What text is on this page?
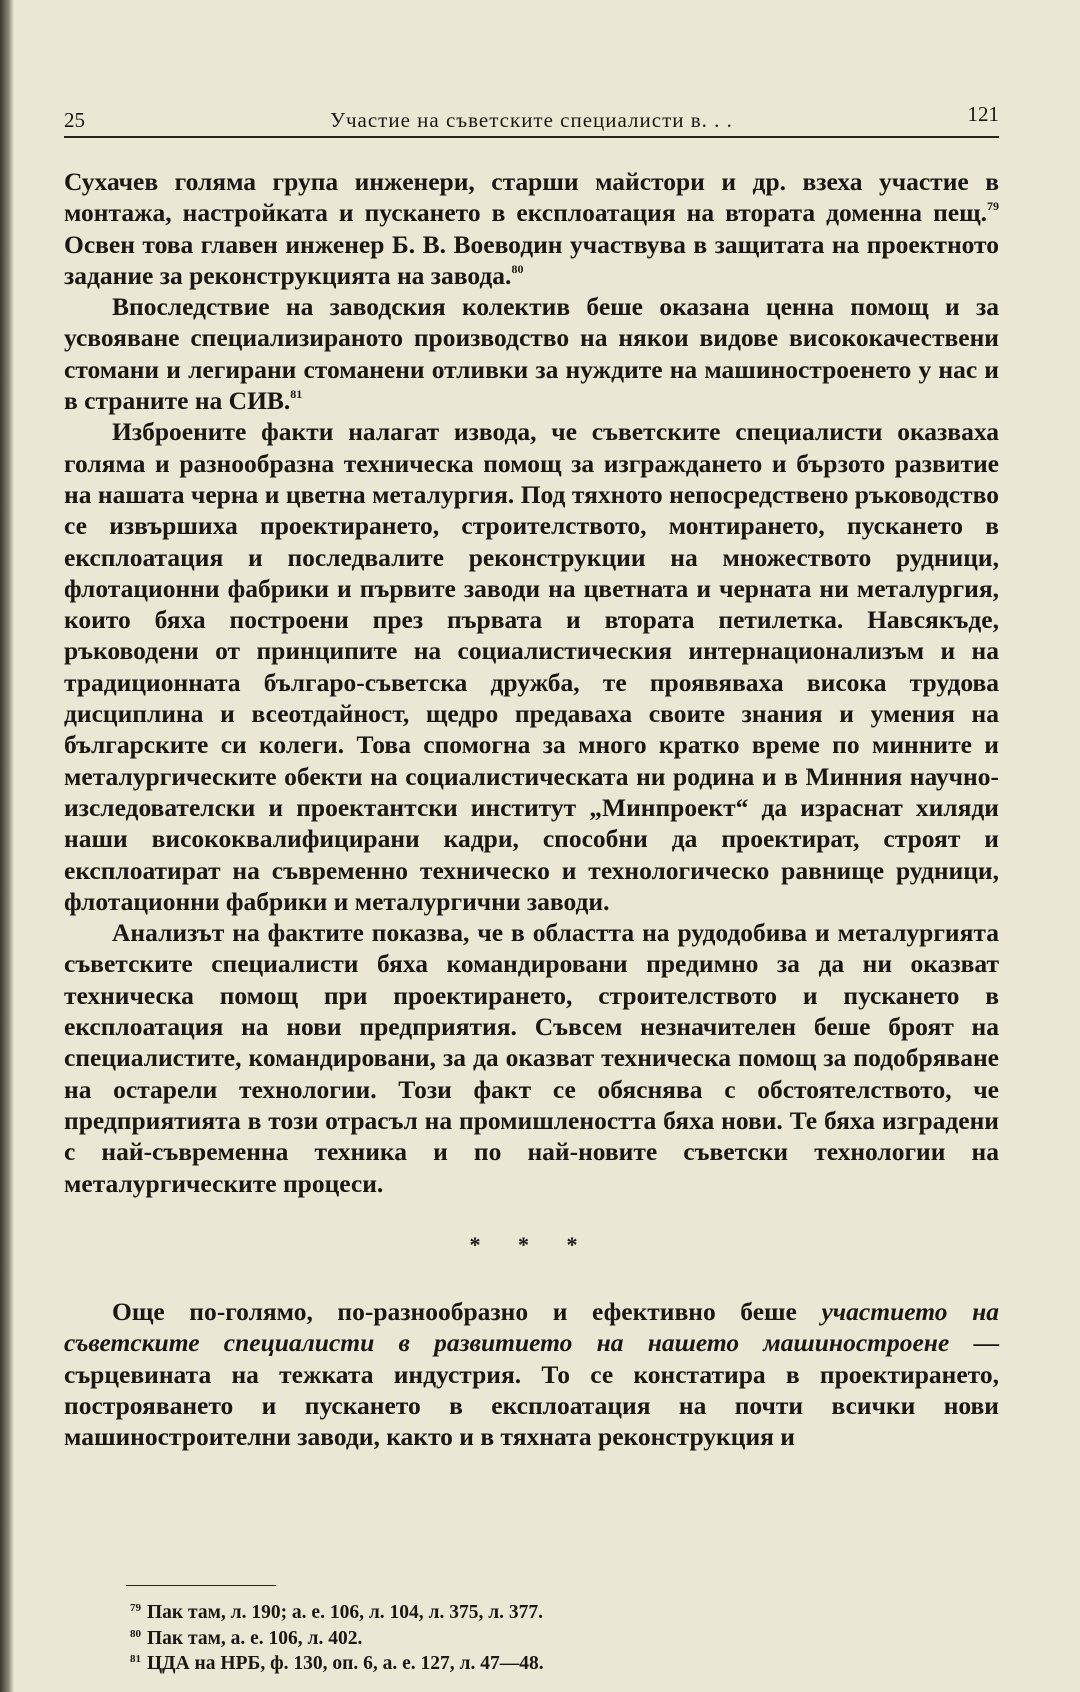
25	Участие на съветските специалисти в. . .	121

Сухачев голяма група инженери, старши майстори и др. взеха участие в монтажа, настройката и пускането в експлоатация на втората доменна пещ.$^{79}$ Освен това главен инженер Б. В. Воеводин участвува в защитата на проектното задание за реконструкцията на завода.$^{80}$

Впоследствие на заводския колектив беше оказана ценна помощ и за усвояване специализираното производство на някои видове висококачествени стомани и легирани стоманени отливки за нуждите на машиностроенето у нас и в страните на СИВ.$^{81}$

Изброените факти налагат извода, че съветските специалисти оказваха голяма и разнообразна техническа помощ за изграждането и бързото развитие на нашата черна и цветна металургия. Под тяхното непосредствено ръководство се извършиха проектирането, строителството, монтирането, пускането в експлоатация и последвалите реконструкции на множеството рудници, флотационни фабрики и първите заводи на цветната и черната ни металургия, които бяха построени през първата и втората петилетка. Навсякъде, ръководени от принципите на социалистическия интернационализъм и на традиционната българо-съветска дружба, те проявяваха висока трудова дисциплина и всеотдайност, щедро предаваха своите знания и умения на българските си колеги. Това спомогна за много кратко време по минните и металургическите обекти на социалистическата ни родина и в Минния научно-изследователски и проектантски институт „Минпроект“ да израснат хиляди наши висококвалифицирани кадри, способни да проектират, строят и експлоатират на съвременно техническо и технологическо равнище рудници, флотационни фабрики и металургични заводи.

Анализът на фактите показва, че в областта на рудодобива и металургията съветските специалисти бяха командировани предимно за да ни оказват техническа помощ при проектирането, строителството и пускането в експлоатация на нови предприятия. Съвсем незначителен беше броят на специалистите, командировани, за да оказват техническа помощ за подобряване на остарели технологии. Този факт се обяснява с обстоятелството, че предприятията в този отрасъл на промишлеността бяха нови. Те бяха изградени с най-съвременна техника и по най-новите съветски технологии на металургическите процеси.

* * *

Още по-голямо, по-разнообразно и ефективно беше участието на съветските специалисти в развитието на нашето машиностроене — сърцевината на тежката индустрия. То се констатира в проектирането, построяването и пускането в експлоатация на почти всички нови машиностроителни заводи, както и в тяхната реконструкция и

$^{79}$ Пак там, л. 190; а. е. 106, л. 104, л. 375, л. 377.
$^{80}$ Пак там, а. е. 106, л. 402.
$^{81}$ ЦДА на НРБ, ф. 130, оп. 6, а. е. 127, л. 47—48.
